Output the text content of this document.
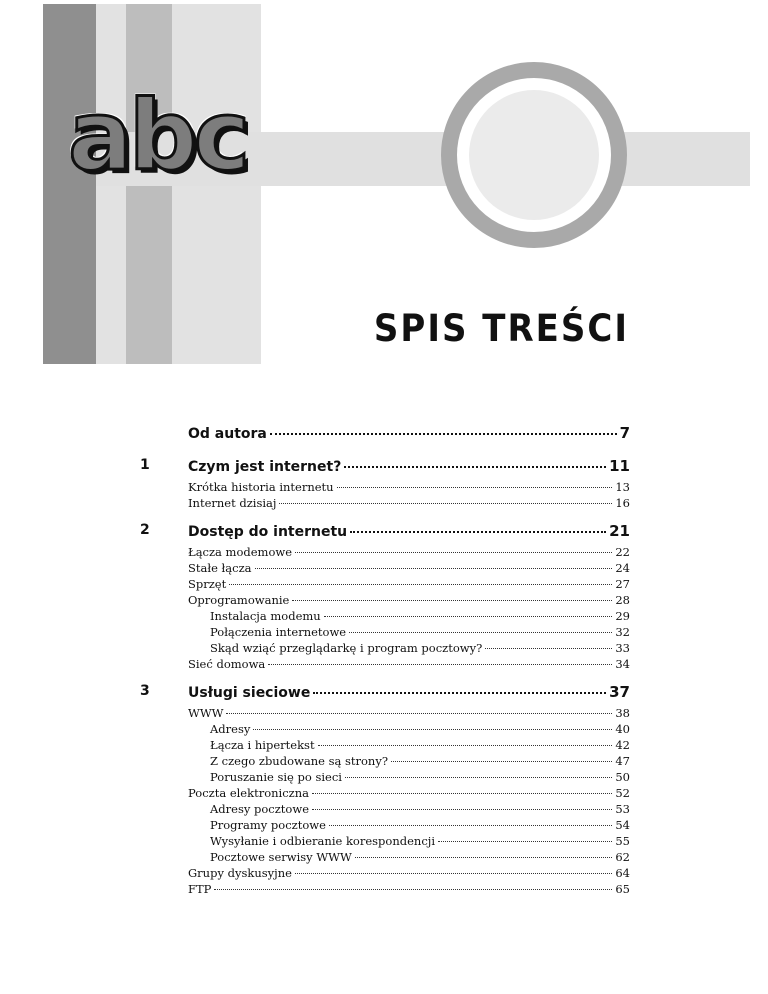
abc
SPIS TREŚCI
Od autora	7
1	Czym jest internet?	11
Krótka historia internetu	13
Internet dzisiaj	16
2	Dostęp do internetu	21
Łącza modemowe	22
Stałe łącza	24
Sprzęt	27
Oprogramowanie	28
Instalacja modemu	29
Połączenia internetowe	32
Skąd wziąć przeglądarkę i program pocztowy?	33
Sieć domowa	34
3	Usługi sieciowe	37
WWW	38
Adresy	40
Łącza i hipertekst	42
Z czego zbudowane są strony?	47
Poruszanie się po sieci	50
Poczta elektroniczna	52
Adresy pocztowe	53
Programy pocztowe	54
Wysyłanie i odbieranie korespondencji	55
Pocztowe serwisy WWW	62
Grupy dyskusyjne	64
FTP	65
